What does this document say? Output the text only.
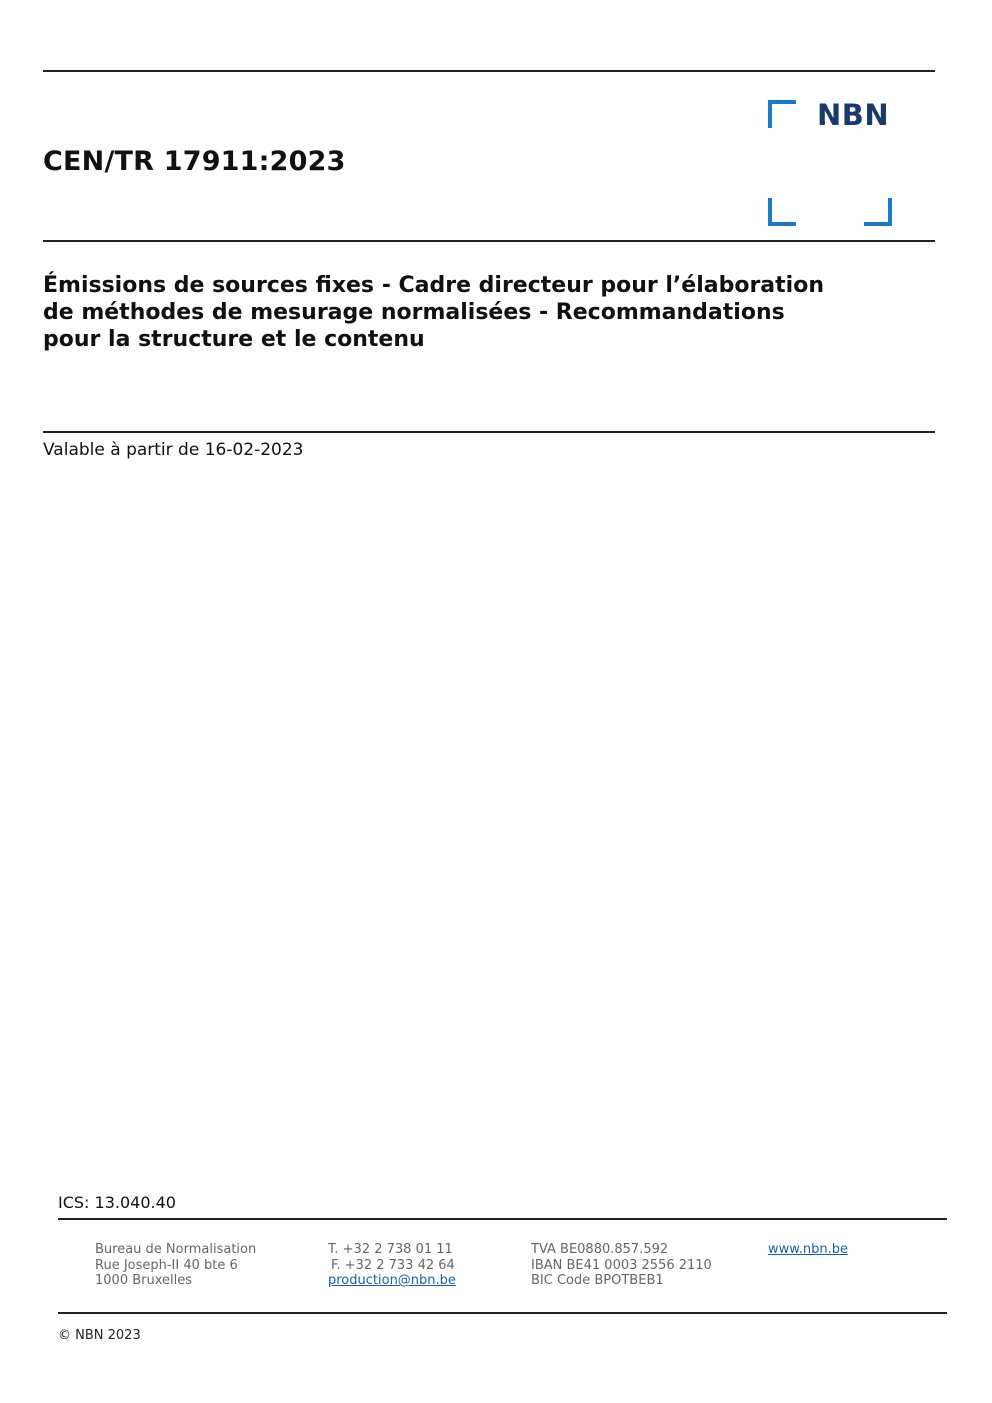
CEN/TR 17911:2023
NBN
Émissions de sources fixes - Cadre directeur pour l’élaboration
de méthodes de mesurage normalisées - Recommandations
pour la structure et le contenu
Valable à partir de 16-02-2023
ICS: 13.040.40
Bureau de Normalisation
Rue Joseph-II 40 bte 6
1000 Bruxelles
T. +32 2 738 01 11
F. +32 2 733 42 64
production@nbn.be
TVA BE0880.857.592
IBAN BE41 0003 2556 2110
BIC Code BPOTBEB1
www.nbn.be
© NBN 2023
